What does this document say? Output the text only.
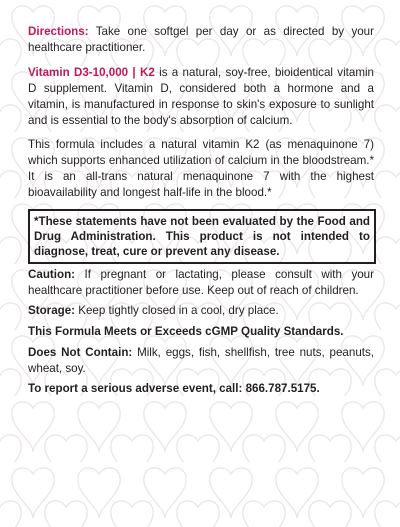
Directions: Take one softgel per day or as directed by your healthcare practitioner.

Vitamin D3-10,000 | K2 is a natural, soy-free, bioidentical vitamin D supplement. Vitamin D, considered both a hormone and a vitamin, is manufactured in response to skin's exposure to sunlight and is essential to the body's absorption of calcium.

This formula includes a natural vitamin K2 (as menaquinone 7) which supports enhanced utilization of calcium in the bloodstream.* It is an all-trans natural menaquinone 7 with the highest bioavailability and longest half-life in the blood.*

*These statements have not been evaluated by the Food and Drug Administration. This product is not intended to diagnose, treat, cure or prevent any disease.

Caution: If pregnant or lactating, please consult with your healthcare practitioner before use. Keep out of reach of children.

Storage: Keep tightly closed in a cool, dry place.

This Formula Meets or Exceeds cGMP Quality Standards.

Does Not Contain: Milk, eggs, fish, shellfish, tree nuts, peanuts, wheat, soy.

To report a serious adverse event, call: 866.787.5175.
